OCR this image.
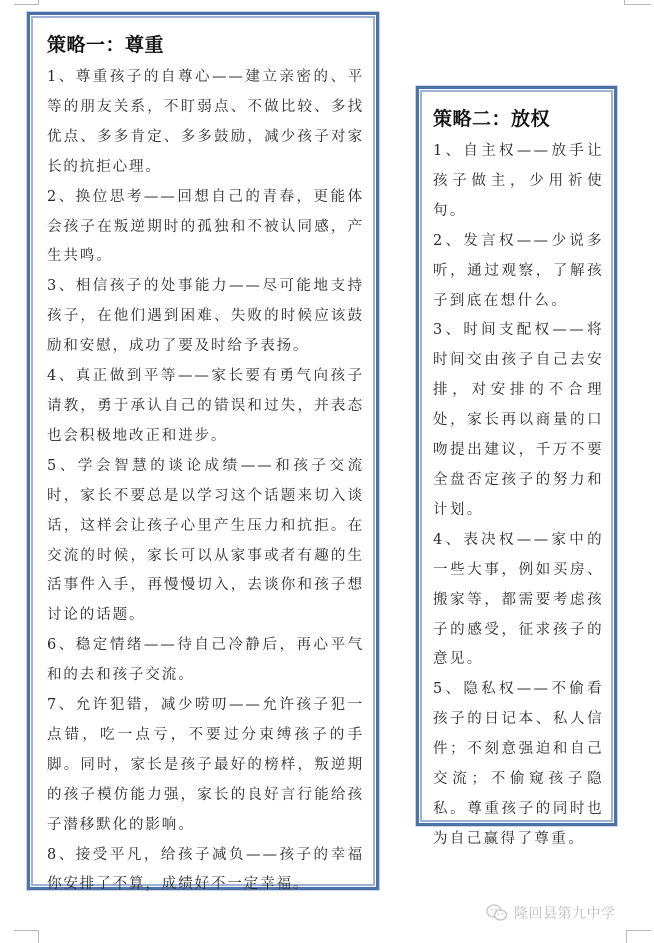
策略一：尊重

1、尊重孩子的自尊心——建立亲密的、平等的朋友关系，不盯弱点、不做比较、多找优点、多多肯定、多多鼓励，减少孩子对家长的抗拒心理。

2、换位思考——回想自己的青春，更能体会孩子在叛逆期时的孤独和不被认同感，产生共鸣。

3、相信孩子的处事能力——尽可能地支持孩子，在他们遇到困难、失败的时候应该鼓励和安慰，成功了要及时给予表扬。

4、真正做到平等——家长要有勇气向孩子请教，勇于承认自己的错误和过失，并表态也会积极地改正和进步。

5、学会智慧的谈论成绩——和孩子交流时，家长不要总是以学习这个话题来切入谈话，这样会让孩子心里产生压力和抗拒。在交流的时候，家长可以从家事或者有趣的生活事件入手，再慢慢切入，去谈你和孩子想讨论的话题。

6、稳定情绪——待自己冷静后，再心平气和的去和孩子交流。

7、允许犯错，减少唠叨——允许孩子犯一点错，吃一点亏，不要过分束缚孩子的手脚。同时，家长是孩子最好的榜样，叛逆期的孩子模仿能力强，家长的良好言行能给孩子潜移默化的影响。

8、接受平凡，给孩子减负——孩子的幸福你安排了不算，成绩好不一定幸福。

策略二：放权

1、自主权——放手让孩子做主，少用祈使句。

2、发言权——少说多听，通过观察，了解孩子到底在想什么。

3、时间支配权——将时间交由孩子自己去安排，对安排的不合理处，家长再以商量的口吻提出建议，千万不要全盘否定孩子的努力和计划。

4、表决权——家中的一些大事，例如买房、搬家等，都需要考虑孩子的感受，征求孩子的意见。

5、隐私权——不偷看孩子的日记本、私人信件；不刻意强迫和自己交流；不偷窥孩子隐私。尊重孩子的同时也为自己赢得了尊重。

隆回县第九中学
